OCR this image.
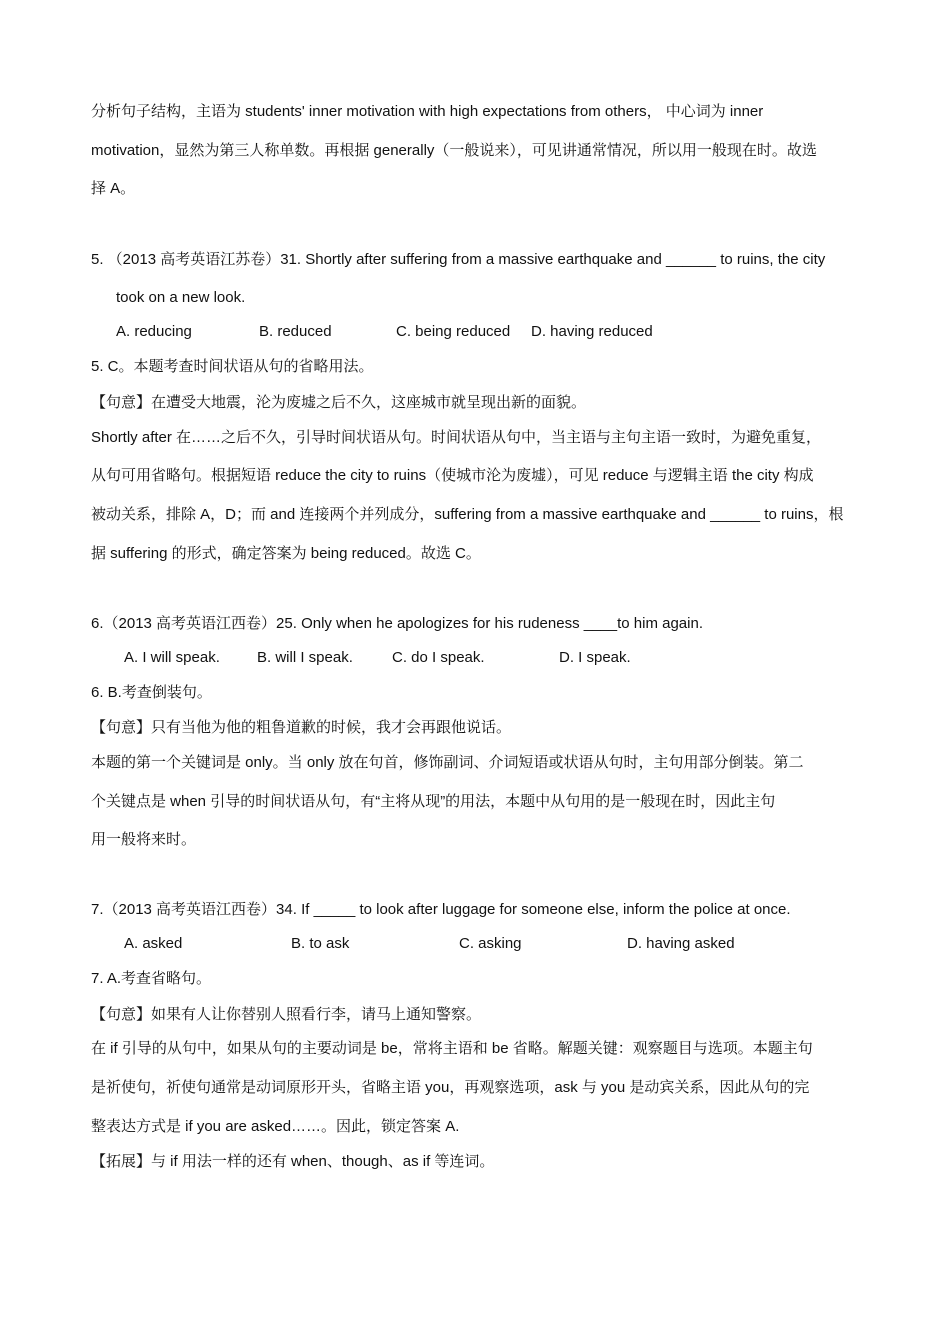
分析句子结构，主语为 students' inner motivation with high expectations from others， 中心词为 inner
motivation，显然为第三人称单数。再根据 generally（一般说来），可见讲通常情况，所以用一般现在时。故选
择 A。
5. （2013 高考英语江苏卷）31. Shortly after suffering from a massive earthquake and ______ to ruins, the city
took on a new look.
A. reducing	B. reduced	C. being reduced D. having reduced
5. C。本题考查时间状语从句的省略用法。
【句意】在遭受大地震，沦为废墟之后不久，这座城市就呈现出新的面貌。
Shortly after 在……之后不久，引导时间状语从句。时间状语从句中，当主语与主句主语一致时，为避免重复，
从句可用省略句。根据短语 reduce the city to ruins（使城市沦为废墟），可见 reduce 与逻辑主语 the city 构成
被动关系，排除 A，D；而 and 连接两个并列成分，suffering from a massive earthquake and ______ to ruins，根
据 suffering 的形式，确定答案为 being reduced。故选 C。
6.（2013 高考英语江西卷）25. Only when he apologizes for his rudeness ____to him again.
A. I will speak. B. will I speak.	C. do I speak.	D. I speak.
6. B.考查倒装句。
【句意】只有当他为他的粗鲁道歉的时候，我才会再跟他说话。
本题的第一个关键词是 only。当 only 放在句首，修饰副词、介词短语或状语从句时，主句用部分倒装。第二
个关键点是 when 引导的时间状语从句，有“主将从现”的用法，本题中从句用的是一般现在时，因此主句
用一般将来时。
7.（2013 高考英语江西卷）34. If _____ to look after luggage for someone else, inform the police at once.
A. asked	B. to ask	C. asking	D. having asked
7. A.考查省略句。
【句意】如果有人让你替别人照看行李，请马上通知警察。
在 if 引导的从句中，如果从句的主要动词是 be，常将主语和 be 省略。解题关键：观察题目与选项。本题主句
是祈使句，祈使句通常是动词原形开头，省略主语 you，再观察选项，ask 与 you 是动宾关系，因此从句的完
整表达方式是 if you are asked……。因此，锁定答案 A.
【拓展】与 if 用法一样的还有 when、though、as if 等连词。
